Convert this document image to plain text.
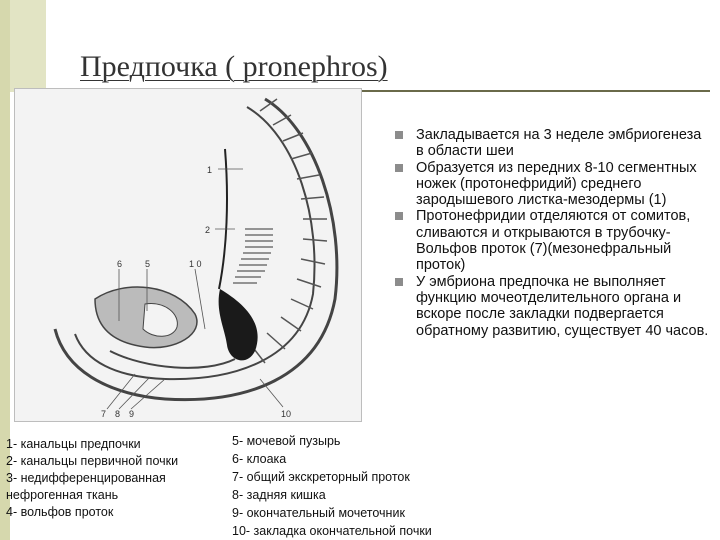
Предпочка ( pronephros)
1
2
6	5	1 0
7 8 9	10
Закладывается на 3 неделе эмбриогенеза в области шеи
Образуется из передних 8-10 сегментных ножек (протонефридий) среднего зародышевого листка-мезодермы (1)
Протонефридии отделяются от сомитов, сливаются и открываются в трубочку-Вольфов проток (7)(мезонефральный проток)
У эмбриона предпочка не выполняет функцию мочеотделительного органа и вскоре после закладки подвергается обратному развитию, существует 40 часов.
1- канальцы предпочки
2- канальцы первичной почки
3- недифференцированная нефрогенная ткань
4- вольфов проток
5- мочевой пузырь
6- клоака
7- общий экскреторный проток
8- задняя кишка
9- окончательный мочеточник
10- закладка окончательной почки
